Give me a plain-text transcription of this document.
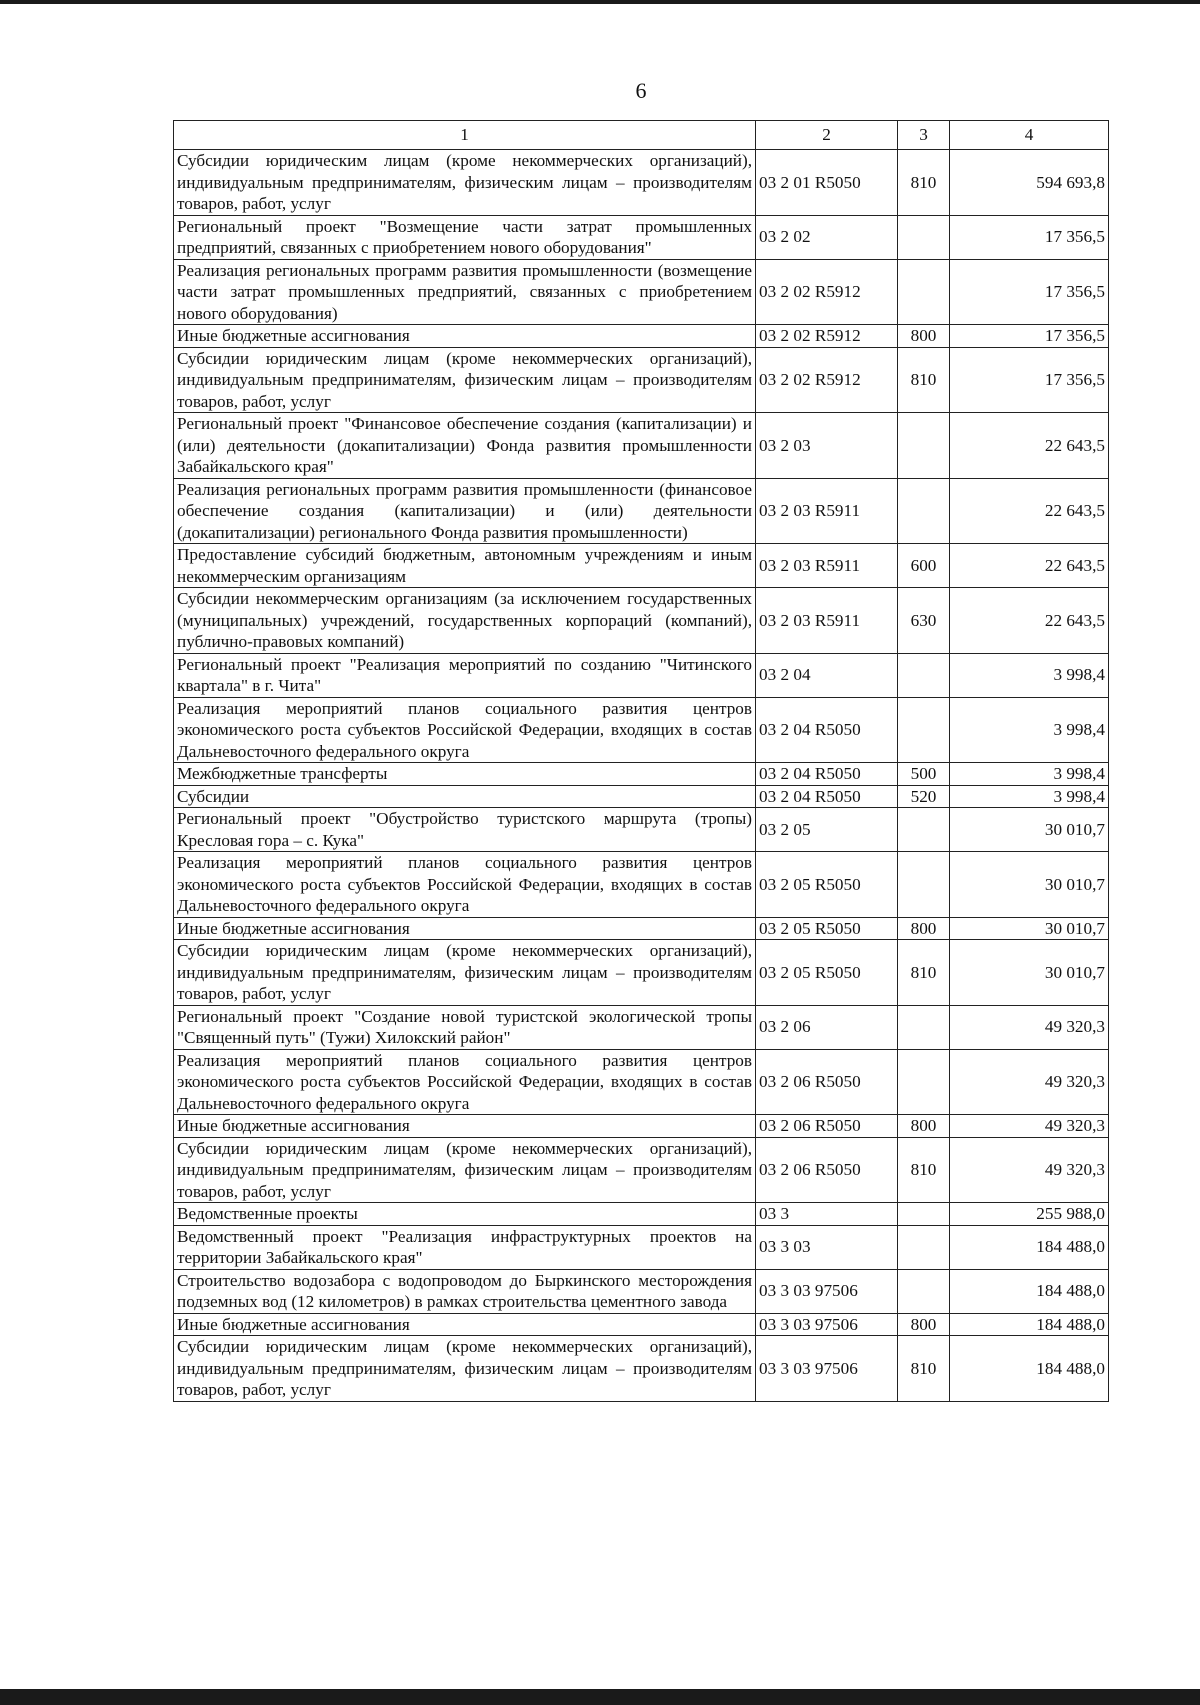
6
1	2	3	4
Субсидии юридическим лицам (кроме некоммерческих организаций), индивидуальным предпринимателям, физическим лицам – производителям товаров, работ, услуг	03 2 01 R5050	810	594 693,8
Региональный проект "Возмещение части затрат промышленных предприятий, связанных с приобретением нового оборудования"	03 2 02		17 356,5
Реализация региональных программ развития промышленности (возмещение части затрат промышленных предприятий, связанных с приобретением нового оборудования)	03 2 02 R5912		17 356,5
Иные бюджетные ассигнования	03 2 02 R5912	800	17 356,5
Субсидии юридическим лицам (кроме некоммерческих организаций), индивидуальным предпринимателям, физическим лицам – производителям товаров, работ, услуг	03 2 02 R5912	810	17 356,5
Региональный проект "Финансовое обеспечение создания (капитализации) и (или) деятельности (докапитализации) Фонда развития промышленности Забайкальского края"	03 2 03		22 643,5
Реализация региональных программ развития промышленности (финансовое обеспечение создания (капитализации) и (или) деятельности (докапитализации) регионального Фонда развития промышленности)	03 2 03 R5911		22 643,5
Предоставление субсидий бюджетным, автономным учреждениям и иным некоммерческим организациям	03 2 03 R5911	600	22 643,5
Субсидии некоммерческим организациям (за исключением государственных (муниципальных) учреждений, государственных корпораций (компаний), публично-правовых компаний)	03 2 03 R5911	630	22 643,5
Региональный проект "Реализация мероприятий по созданию "Читинского квартала" в г. Чита"	03 2 04		3 998,4
Реализация мероприятий планов социального развития центров экономического роста субъектов Российской Федерации, входящих в состав Дальневосточного федерального округа	03 2 04 R5050		3 998,4
Межбюджетные трансферты	03 2 04 R5050	500	3 998,4
Субсидии	03 2 04 R5050	520	3 998,4
Региональный проект "Обустройство туристского маршрута (тропы) Кресловая гора – с. Кука"	03 2 05		30 010,7
Реализация мероприятий планов социального развития центров экономического роста субъектов Российской Федерации, входящих в состав Дальневосточного федерального округа	03 2 05 R5050		30 010,7
Иные бюджетные ассигнования	03 2 05 R5050	800	30 010,7
Субсидии юридическим лицам (кроме некоммерческих организаций), индивидуальным предпринимателям, физическим лицам – производителям товаров, работ, услуг	03 2 05 R5050	810	30 010,7
Региональный проект "Создание новой туристской экологической тропы "Священный путь" (Тужи) Хилокский район"	03 2 06		49 320,3
Реализация мероприятий планов социального развития центров экономического роста субъектов Российской Федерации, входящих в состав Дальневосточного федерального округа	03 2 06 R5050		49 320,3
Иные бюджетные ассигнования	03 2 06 R5050	800	49 320,3
Субсидии юридическим лицам (кроме некоммерческих организаций), индивидуальным предпринимателям, физическим лицам – производителям товаров, работ, услуг	03 2 06 R5050	810	49 320,3
Ведомственные проекты	03 3		255 988,0
Ведомственный проект "Реализация инфраструктурных проектов на территории Забайкальского края"	03 3 03		184 488,0
Строительство водозабора с водопроводом до Быркинского месторождения подземных вод (12 километров) в рамках строительства цементного завода	03 3 03 97506		184 488,0
Иные бюджетные ассигнования	03 3 03 97506	800	184 488,0
Субсидии юридическим лицам (кроме некоммерческих организаций), индивидуальным предпринимателям, физическим лицам – производителям товаров, работ, услуг	03 3 03 97506	810	184 488,0
